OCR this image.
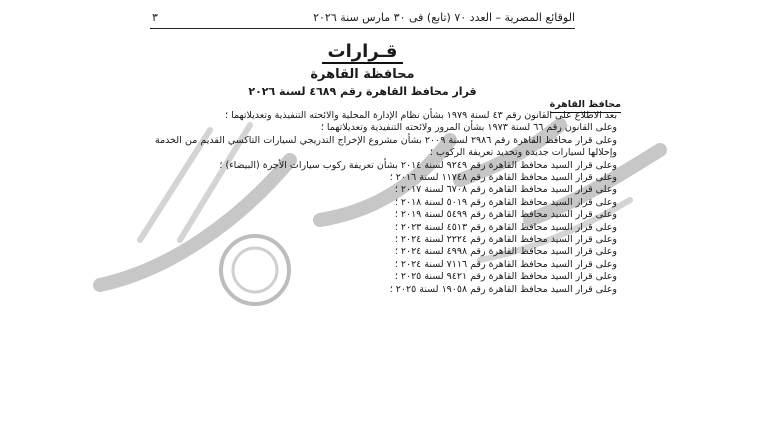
الوقائع المصرية – العدد ٧٠ (تابع) فى ٣٠ مارس سنة ٢٠٢٦
٣
قـرارات
محافظة القاهرة
قرار محافظ القاهرة رقم ٤٦٨٩ لسنة ٢٠٢٦
محافظ القاهرة

بعد الاطلاع على القانون رقم ٤٣ لسنة ١٩٧٩ بشأن نظام الإدارة المحلية والائحته التنفيذية وتعديلاتهما ؛

وعلى القانون رقم ٦٦ لسنة ١٩٧٣ بشأن المرور ولائحته التنفيذية وتعديلاتهما ؛

وعلى قرار محافظ القاهرة رقم ٢٩٨٦ لسنة ٢٠٠٩ بشأن مشروع الإخراج التدريجي لسيارات التاكسي القديم من الخدمة وإحلالها لسيارات جديدة وتحديد تعريفة الركوب ؛

وعلى قرار السيد محافظ القاهرة رقم ٩٢٤٩ لسنة ٢٠١٤ بشأن تعريفة ركوب سيارات الأجرة (البيضاء) ؛

وعلى قرار السيد محافظ القاهرة رقم ١١٧٤٨ لسنة ٢٠١٦ ؛

وعلى قرار السيد محافظ القاهرة رقم ٦٧٠٨ لسنة ٢٠١٧ ؛

وعلى قرار السيد محافظ القاهرة رقم ٥٠١٩ لسنة ٢٠١٨ ؛

وعلى قرار السيد محافظ القاهرة رقم ٥٤٩٩ لسنة ٢٠١٩ ؛

وعلى قرار السيد محافظ القاهرة رقم ٤٥١٣ لسنة ٢٠٢٣ ؛

وعلى قرار السيد محافظ القاهرة رقم ٢٢٢٤ لسنة ٢٠٢٤ ؛

وعلى قرار السيد محافظ القاهرة رقم ٤٩٩٨ لسنة ٢٠٢٤ ؛

وعلى قرار السيد محافظ القاهرة رقم ٧١١٦ لسنة ٢٠٢٤ ؛

وعلى قرار السيد محافظ القاهرة رقم ٩٤٢١ لسنة ٢٠٢٥ ؛

وعلى قرار السيد محافظ القاهرة رقم ١٩٠٥٨ لسنة ٢٠٢٥ ؛
